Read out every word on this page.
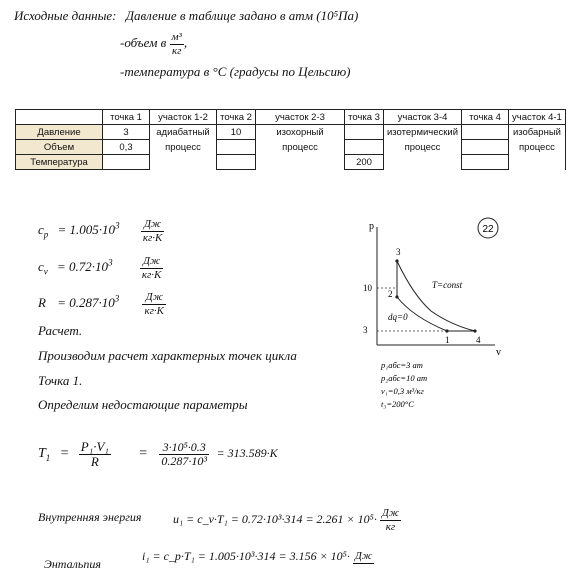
Исходные данные: Давление в таблице задано в атм (10⁵Па)
-объем в $\frac{\text{м³}}{кг}$ ,
-температура в °С (градусы по Цельсию)
	точка 1	участок 1-2	точка 2	участок 2-3	точка 3	участок 3-4	точка 4	участок 4-1
Давление	3	адиабатный	10	изохорный		изотермический		изобарный
Объем	0,3	процесс		процесс		процесс		процесс
Температура					200			
$c_p = 1.005\cdot 10^3 \frac{Дж}{кг\cdot К}$
$c_v = 0.72\cdot 10^3 \frac{Дж}{кг\cdot К}$
$R = 0.287\cdot 10^3 \frac{Дж}{кг\cdot К}$
Расчет.
Производим расчет характерных точек цикла
Точка 1.
Определим недостающие параметры
$T_1 = \frac{\text{P₁·V₁}}{R} = \frac{\text{3·10⁵·0.3}}{\text{0.287·10³}} = 313.589\cdot K$
Внутренняя энергия	u₁ = c_v·T₁ = $0.72\cdot 10^3\cdot 314 = 2.261 \times 10^5\cdot \frac{Дж}{кг}$
Энтальпия
i₁ = c_p·T₁ = 1.005·10³·314 = 3.156 × 10⁵· Дж
22
p
v
10
3
3
2
1	4
T=const
dq=0
p₁абс=3 ат
p₂абс=10 ат
v₁=0,3 м³/кг
t₃=200°С
